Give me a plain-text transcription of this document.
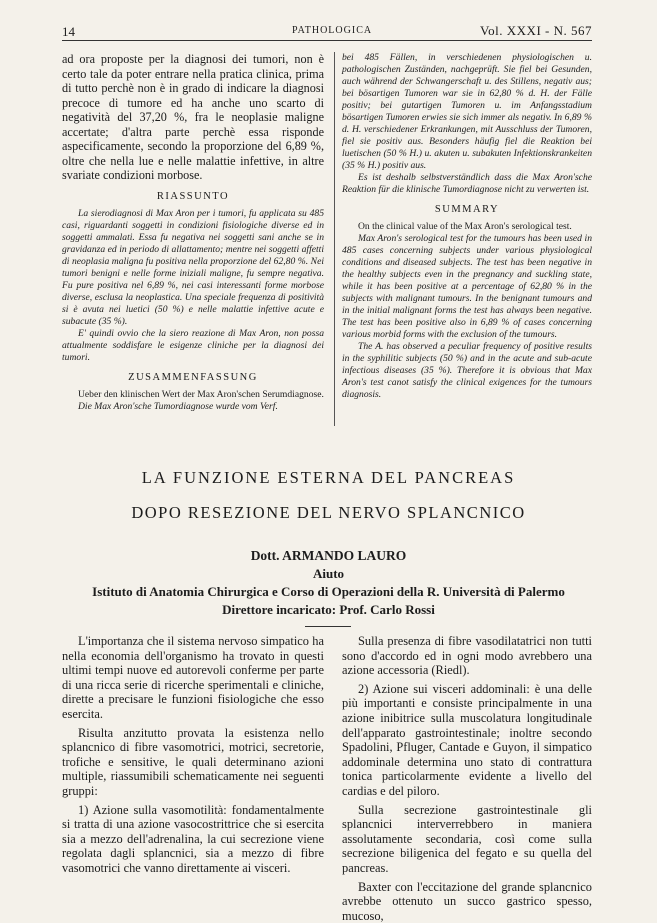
14	PATHOLOGICA	Vol. XXXI - N. 567

ad ora proposte per la diagnosi dei tumori, non è certo tale da poter entrare nella pratica clinica, prima di tutto perchè non è in grado di indicare la diagnosi precoce di tumore ed ha anche uno scarto di negatività del 37,20 %, fra le neoplasie maligne accertate; d'altra parte perchè essa risponde aspecificamente, secondo la proporzione del 6,89 %, oltre che nella lue e nelle malattie infettive, in altre svariate condizioni morbose.

RIASSUNTO

La sierodiagnosi di Max Aron per i tumori, fu applicata su 485 casi, riguardanti soggetti in condizioni fisiologiche diverse ed in soggetti ammalati. Essa fu negativa nei soggetti sani anche se in gravidanza ed in periodo di allattamento; mentre nei soggetti affetti di neoplasia maligna fu positiva nella proporzione del 62,80 %. Nei tumori benigni e nelle forme iniziali maligne, fu sempre negativa. Fu pure positiva nel 6,89 %, nei casi interessanti forme morbose diverse, esclusa la neoplastica. Una speciale frequenza di positività si è avuta nei luetici (50 %) e nelle malattie infettive acute e subacute (35 %).

E' quindi ovvio che la siero reazione di Max Aron, non possa attualmente soddisfare le esigenze cliniche per la diagnosi dei tumori.

ZUSAMMENFASSUNG

Ueber den klinischen Wert der Max Aron'schen Serumdiagnose.

Die Max Aron'sche Tumordiagnose wurde vom Verf.

bei 485 Fällen, in verschiedenen physiologischen u. pathologischen Zuständen, nachgeprüft. Sie fiel bei Gesunden, auch während der Schwangerschaft u. des Stillens, negativ aus; bei bösartigen Tumoren war sie in 62,80 % d. H. der Fälle positiv; bei gutartigen Tumoren u. im Anfangsstadium bösartigen Tumoren erwies sie sich immer als negativ. In 6,89 % d. H. verschiedener Erkrankungen, mit Ausschluss der Tumoren, fiel sie positiv aus. Besonders häufig fiel die Reaktion bei luetischen (50 % H.) u. akuten u. subakuten Infektionskrankeiten (35 % H.) positiv aus.

Es ist deshalb selbstverständlich dass die Max Aron'sche Reaktion für die klinische Tumordiagnose nicht zu verwerten ist.

SUMMARY

On the clinical value of the Max Aron's serological test.

Max Aron's serological test for the tumours has been used in 485 cases concerning subjects under various physiological conditions and diseased subjects. The test has been negative in the healthy subjects even in the pregnancy and suckling state, while it has been positive at a percentage of 62,80 % in the subjects with malignant tumours. In the benignant tumours and in the initial malignant forms the test has always been negative. The test has been positive also in 6,89 % of cases concerning various morbid forms with the exclusion of the tumours.

The A. has observed a peculiar frequency of positive results in the syphilitic subjects (50 %) and in the acute and sub-acute infectious diseases (35 %). Therefore it is obvious that Max Aron's test canot satisfy the clinical exigences for the tumours diagnosis.

LA FUNZIONE ESTERNA DEL PANCREAS
DOPO RESEZIONE DEL NERVO SPLANCNICO
Dott. ARMANDO LAURO
Aiuto
Istituto di Anatomia Chirurgica e Corso di Operazioni della R. Università di Palermo
Direttore incaricato: Prof. Carlo Rossi

L'importanza che il sistema nervoso simpatico ha nella economia dell'organismo ha trovato in questi ultimi tempi nuove ed autorevoli conferme per parte di una ricca serie di ricerche sperimentali e cliniche, dirette a precisare le funzioni fisiologiche che esso esercita.

Risulta anzitutto provata la esistenza nello splancnico di fibre vasomotrici, motrici, secretorie, trofiche e sensitive, le quali determinano azioni multiple, riassumibili schematicamente nei seguenti gruppi:

1) Azione sulla vasomotilità: fondamentalmente si tratta di una azione vasocostrittrice che si esercita sia a mezzo dell'adrenalina, la cui secrezione viene regolata dagli splancnici, sia a mezzo di fibre vasomotrici che vanno direttamente ai visceri.

Sulla presenza di fibre vasodilatatrici non tutti sono d'accordo ed in ogni modo avrebbero una azione accessoria (Riedl).

2) Azione sui visceri addominali: è una delle più importanti e consiste principalmente in una azione inibitrice sulla muscolatura longitudinale dell'apparato gastrointestinale; inoltre secondo Spadolini, Pfluger, Cantade e Guyon, il simpatico addominale determina uno stato di contrattura tonica particolarmente evidente a livello del cardias e del piloro.

Sulla secrezione gastrointestinale gli splancnici interverrebbero in maniera assolutamente secondaria, così come sulla secrezione biligenica del fegato e su quella del pancreas.

Baxter con l'eccitazione del grande splancnico avrebbe ottenuto un succo gastrico spesso, mucoso,
